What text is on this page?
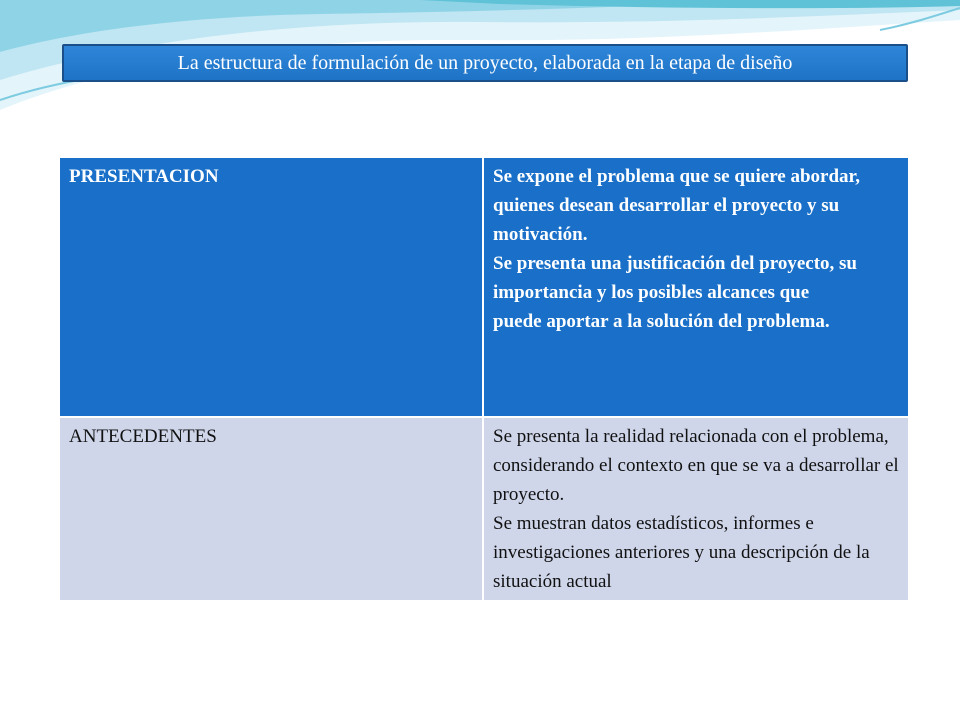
La estructura de formulación de un proyecto, elaborada en la etapa de diseño
PRESENTACION	Se expone el problema que se quiere abordar, quienes desean desarrollar el proyecto y su motivación.
Se presenta una justificación del proyecto, su importancia y los posibles alcances que
puede aportar a la solución del problema.

ANTECEDENTES	Se presenta la realidad relacionada con el problema, considerando el contexto en que se va a desarrollar el proyecto.
Se muestran datos estadísticos, informes e investigaciones anteriores y una descripción de la situación actual
